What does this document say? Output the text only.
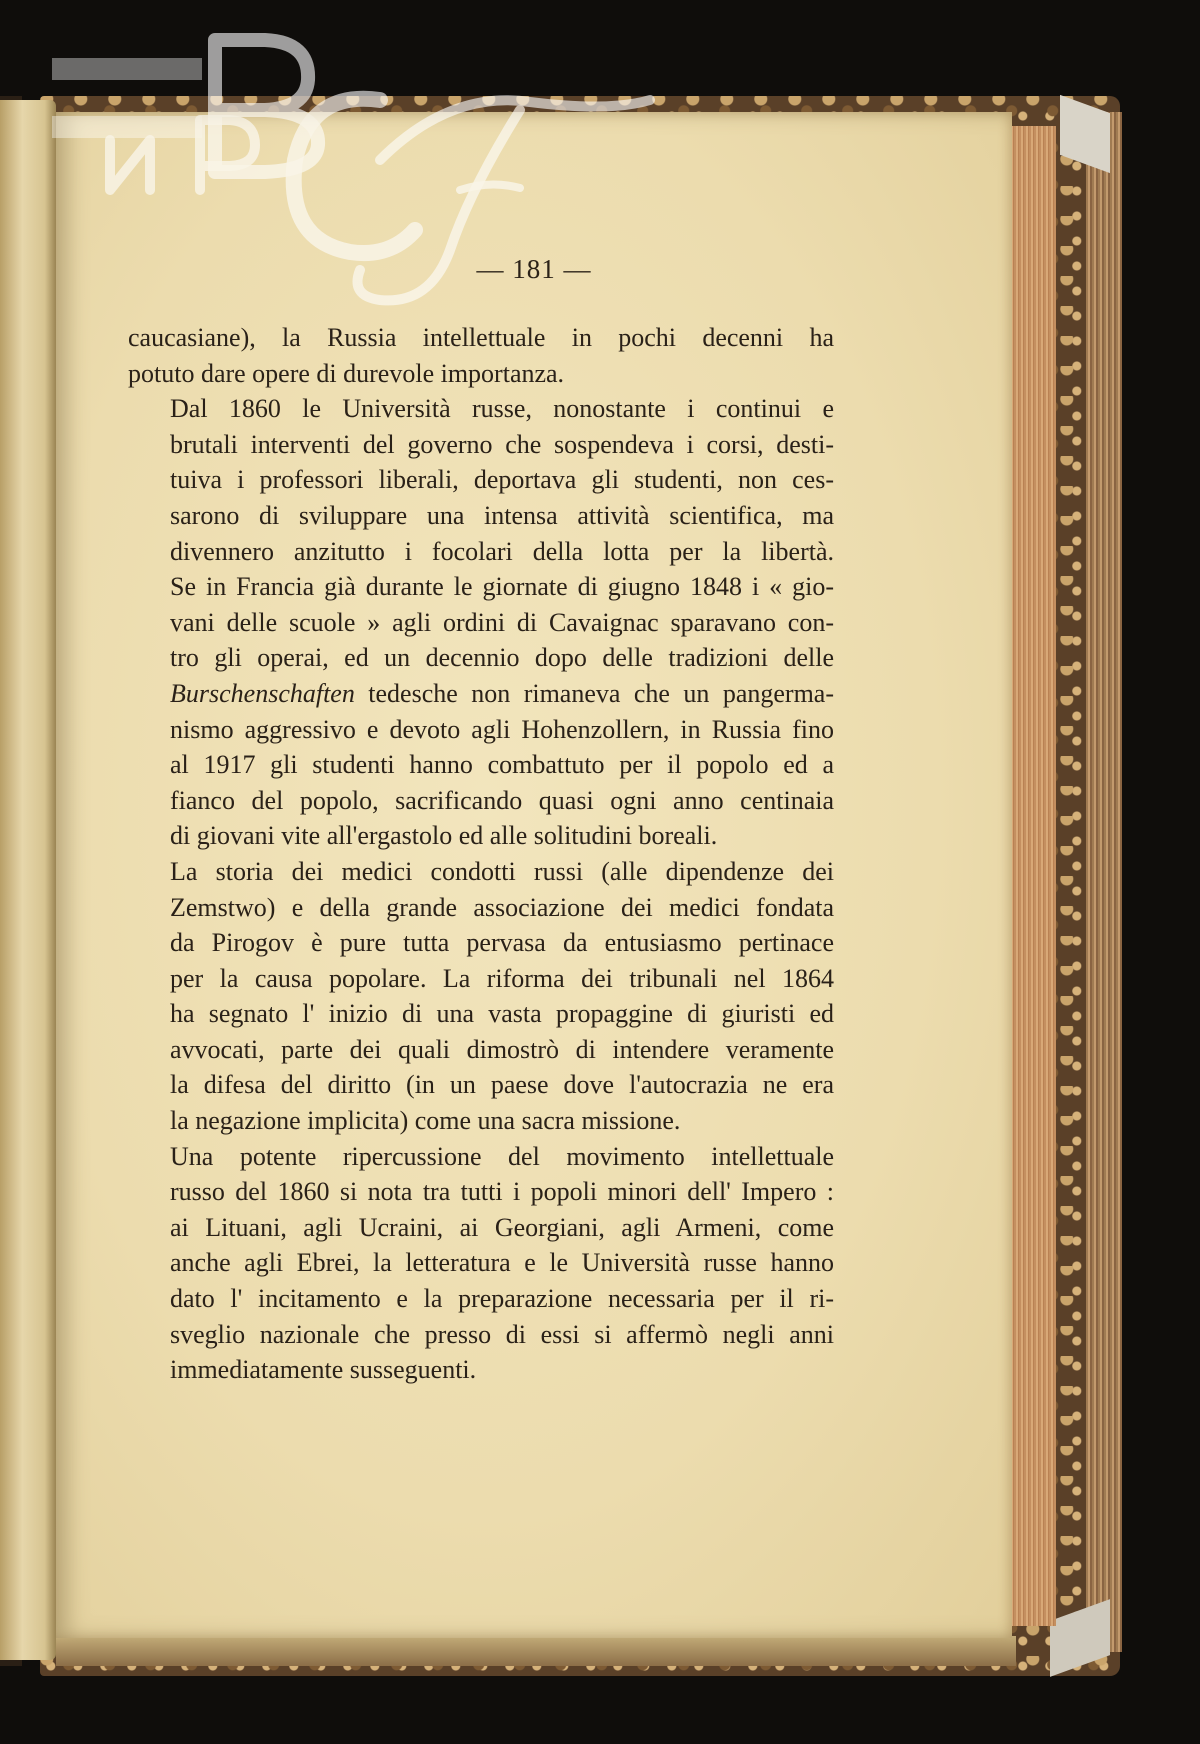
— 181 —

caucasiane), la Russia intellettuale in pochi decenni ha
potuto dare opere di durevole importanza.

Dal 1860 le Università russe, nonostante i continui e
brutali interventi del governo che sospendeva i corsi, desti-
tuiva i professori liberali, deportava gli studenti, non ces-
sarono di sviluppare una intensa attività scientifica, ma
divennero anzitutto i focolari della lotta per la libertà.
Se in Francia già durante le giornate di giugno 1848 i « gio-
vani delle scuole » agli ordini di Cavaignac sparavano con-
tro gli operai, ed un decennio dopo delle tradizioni delle
Burschenschaften tedesche non rimaneva che un pangerma-
nismo aggressivo e devoto agli Hohenzollern, in Russia fino
al 1917 gli studenti hanno combattuto per il popolo ed a
fianco del popolo, sacrificando quasi ogni anno centinaia
di giovani vite all'ergastolo ed alle solitudini boreali.

La storia dei medici condotti russi (alle dipendenze dei
Zemstwo) e della grande associazione dei medici fondata
da Pirogov è pure tutta pervasa da entusiasmo pertinace
per la causa popolare. La riforma dei tribunali nel 1864
ha segnato l' inizio di una vasta propaggine di giuristi ed
avvocati, parte dei quali dimostrò di intendere veramente
la difesa del diritto (in un paese dove l'autocrazia ne era
la negazione implicita) come una sacra missione.

Una potente ripercussione del movimento intellettuale
russo del 1860 si nota tra tutti i popoli minori dell' Impero :
ai Lituani, agli Ucraini, ai Georgiani, agli Armeni, come
anche agli Ebrei, la letteratura e le Università russe hanno
dato l' incitamento e la preparazione necessaria per il ri-
sveglio nazionale che presso di essi si affermò negli anni
immediatamente susseguenti.
